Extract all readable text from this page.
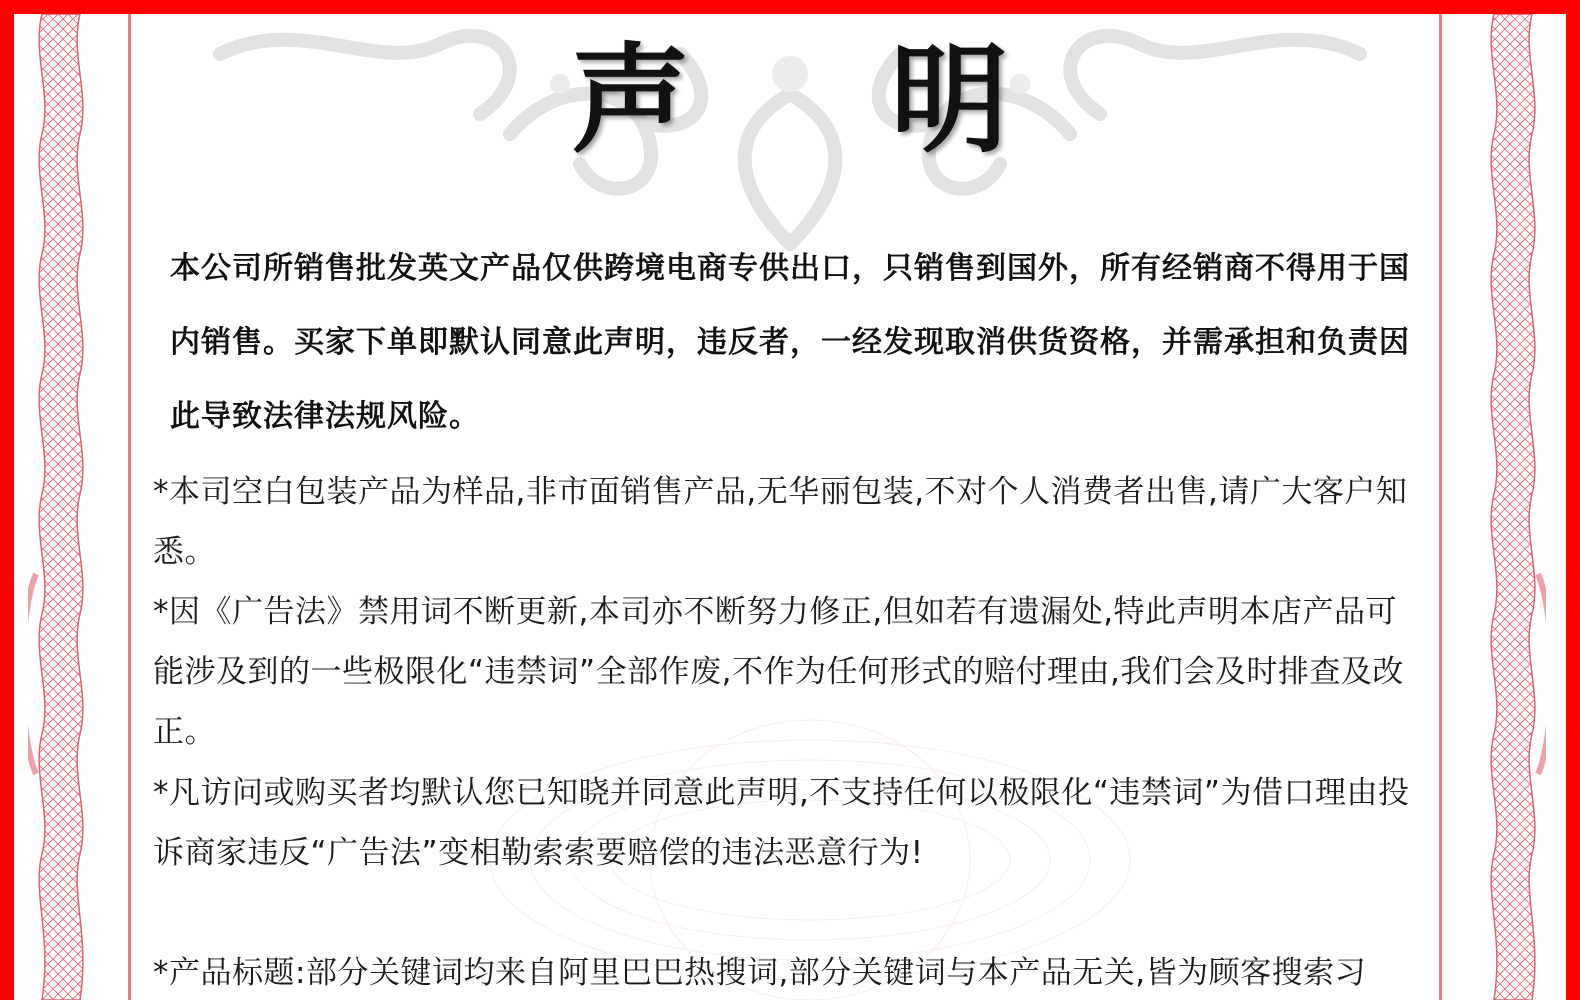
声 明
本公司所销售批发英文产品仅供跨境电商专供出口，只销售到国外，所有经销商不得用于国内销售。买家下单即默认同意此声明，违反者，一经发现取消供货资格，并需承担和负责因此导致法律法规风险。
*本司空白包装产品为样品,非市面销售产品,无华丽包装,不对个人消费者出售,请广大客户知悉。
*因《广告法》禁用词不断更新,本司亦不断努力修正,但如若有遗漏处,特此声明本店产品可能涉及到的一些极限化“违禁词”全部作废,不作为任何形式的赔付理由,我们会及时排查及改正。
*凡访问或购买者均默认您已知晓并同意此声明,不支持任何以极限化“违禁词”为借口理由投诉商家违反“广告法”变相勒索索要赔偿的违法恶意行为!
*产品标题:部分关键词均来自阿里巴巴热搜词,部分关键词与本产品无关,皆为顾客搜索习
